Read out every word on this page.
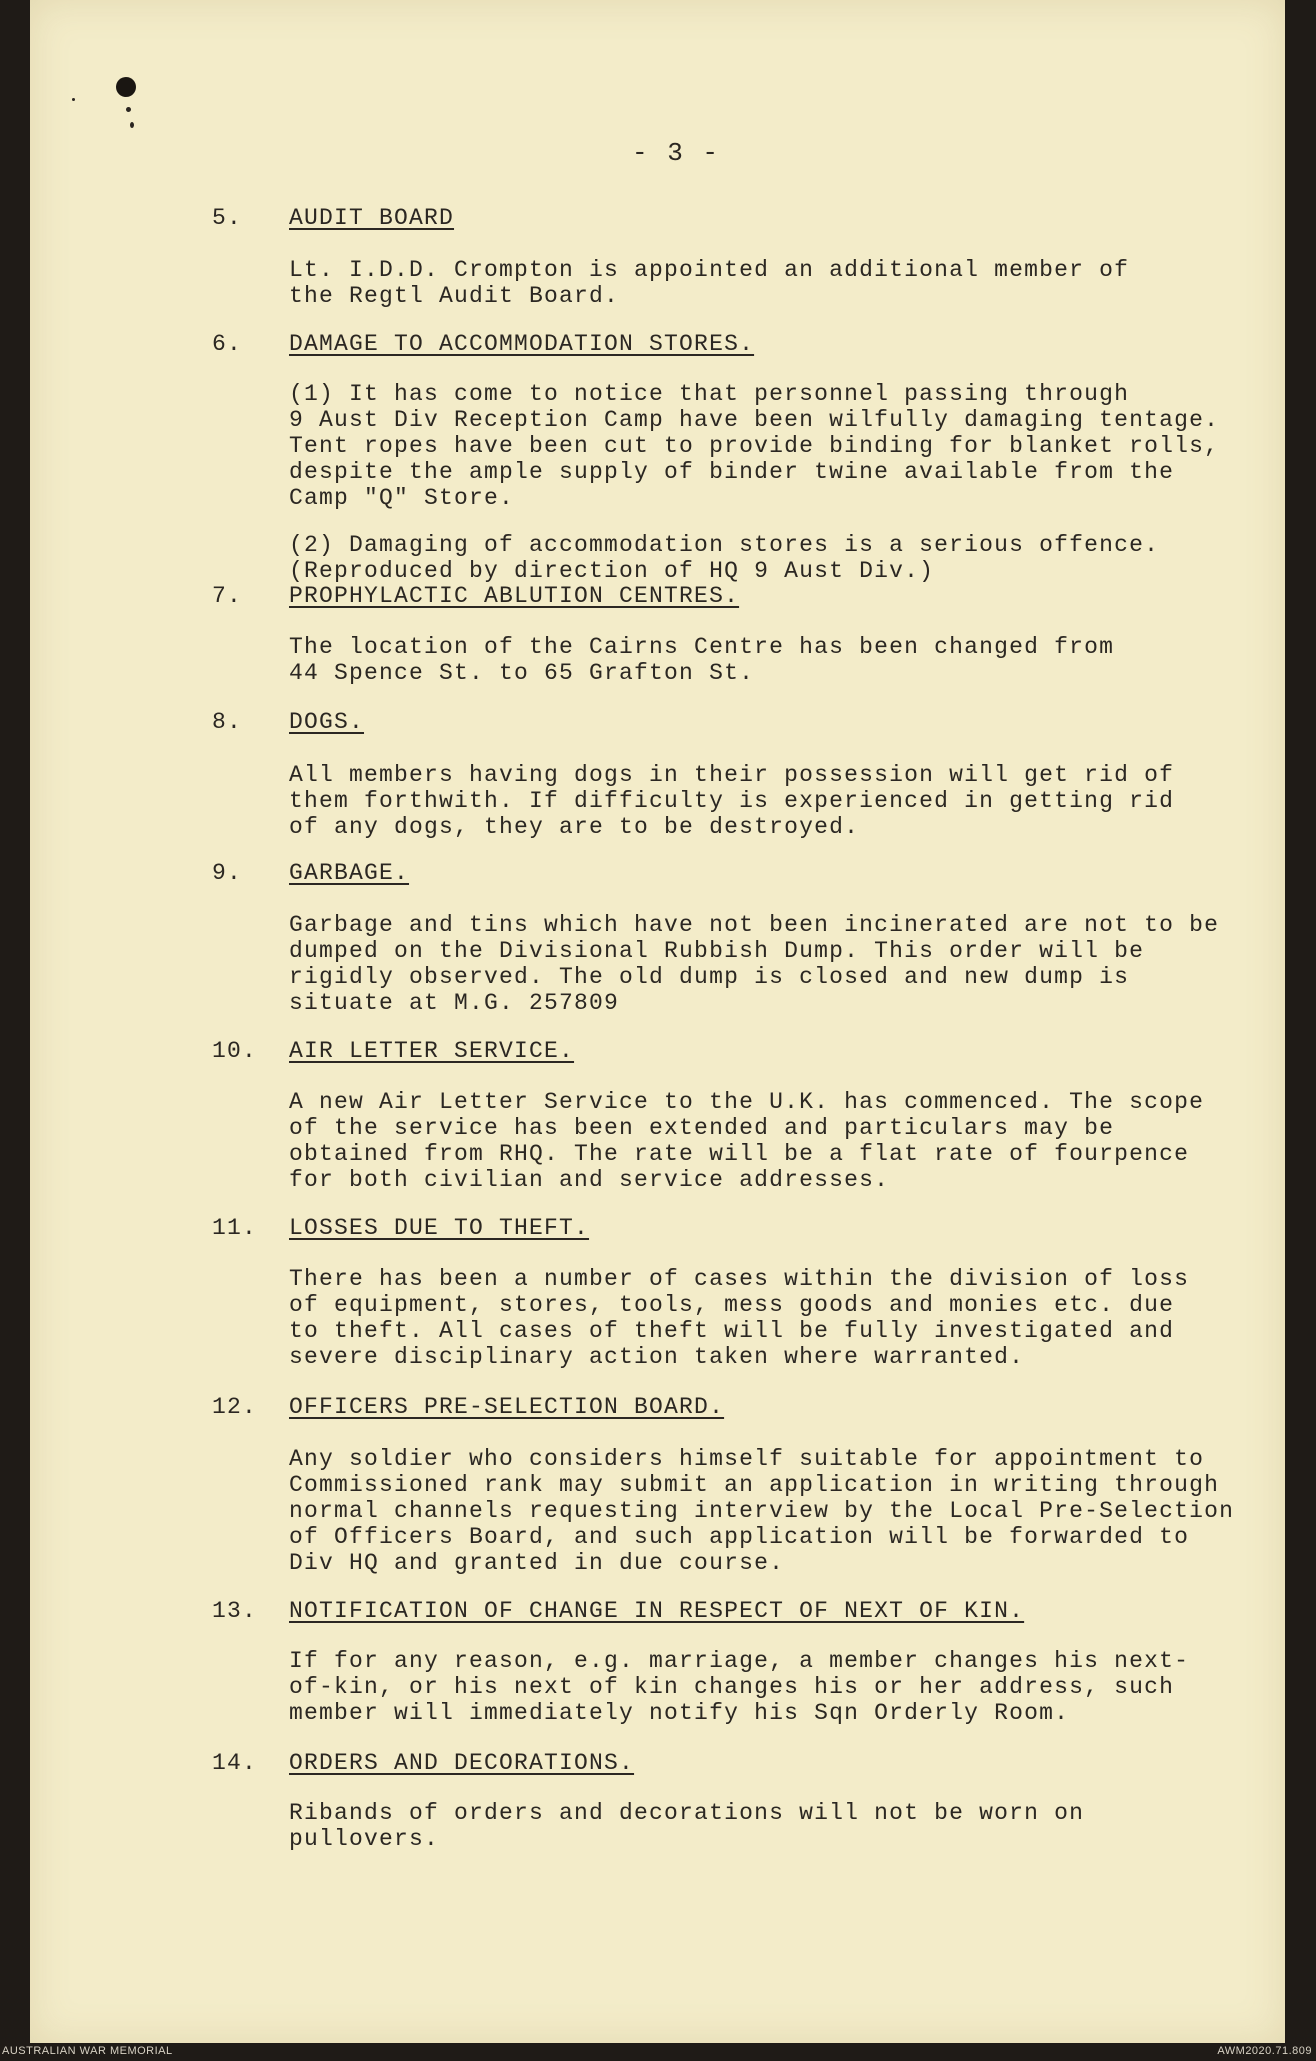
- 3 -
5. AUDIT BOARD
Lt. I.D.D. Crompton is appointed an additional member of
the Regtl Audit Board.
6. DAMAGE TO ACCOMMODATION STORES.
(1) It has come to notice that personnel passing through
9 Aust Div Reception Camp have been wilfully damaging tentage.
Tent ropes have been cut to provide binding for blanket rolls,
despite the ample supply of binder twine available from the
Camp "Q" Store.
(2) Damaging of accommodation stores is a serious offence.
(Reproduced by direction of HQ 9 Aust Div.)
7. PROPHYLACTIC ABLUTION CENTRES.
The location of the Cairns Centre has been changed from
44 Spence St. to 65 Grafton St.
8. DOGS.
All members having dogs in their possession will get rid of
them forthwith. If difficulty is experienced in getting rid
of any dogs, they are to be destroyed.
9. GARBAGE.
Garbage and tins which have not been incinerated are not to be
dumped on the Divisional Rubbish Dump. This order will be
rigidly observed. The old dump is closed and new dump is
situate at M.G. 257809
10. AIR LETTER SERVICE.
A new Air Letter Service to the U.K. has commenced. The scope
of the service has been extended and particulars may be
obtained from RHQ. The rate will be a flat rate of fourpence
for both civilian and service addresses.
11. LOSSES DUE TO THEFT.
There has been a number of cases within the division of loss
of equipment, stores, tools, mess goods and monies etc. due
to theft. All cases of theft will be fully investigated and
severe disciplinary action taken where warranted.
12. OFFICERS PRE-SELECTION BOARD.
Any soldier who considers himself suitable for appointment to
Commissioned rank may submit an application in writing through
normal channels requesting interview by the Local Pre-Selection
of Officers Board, and such application will be forwarded to
Div HQ and granted in due course.
13. NOTIFICATION OF CHANGE IN RESPECT OF NEXT OF KIN.
If for any reason, e.g. marriage, a member changes his next-
of-kin, or his next of kin changes his or her address, such
member will immediately notify his Sqn Orderly Room.
14. ORDERS AND DECORATIONS.
Ribands of orders and decorations will not be worn on pullovers.
AUSTRALIAN WAR MEMORIAL	AWM2020.71.809
